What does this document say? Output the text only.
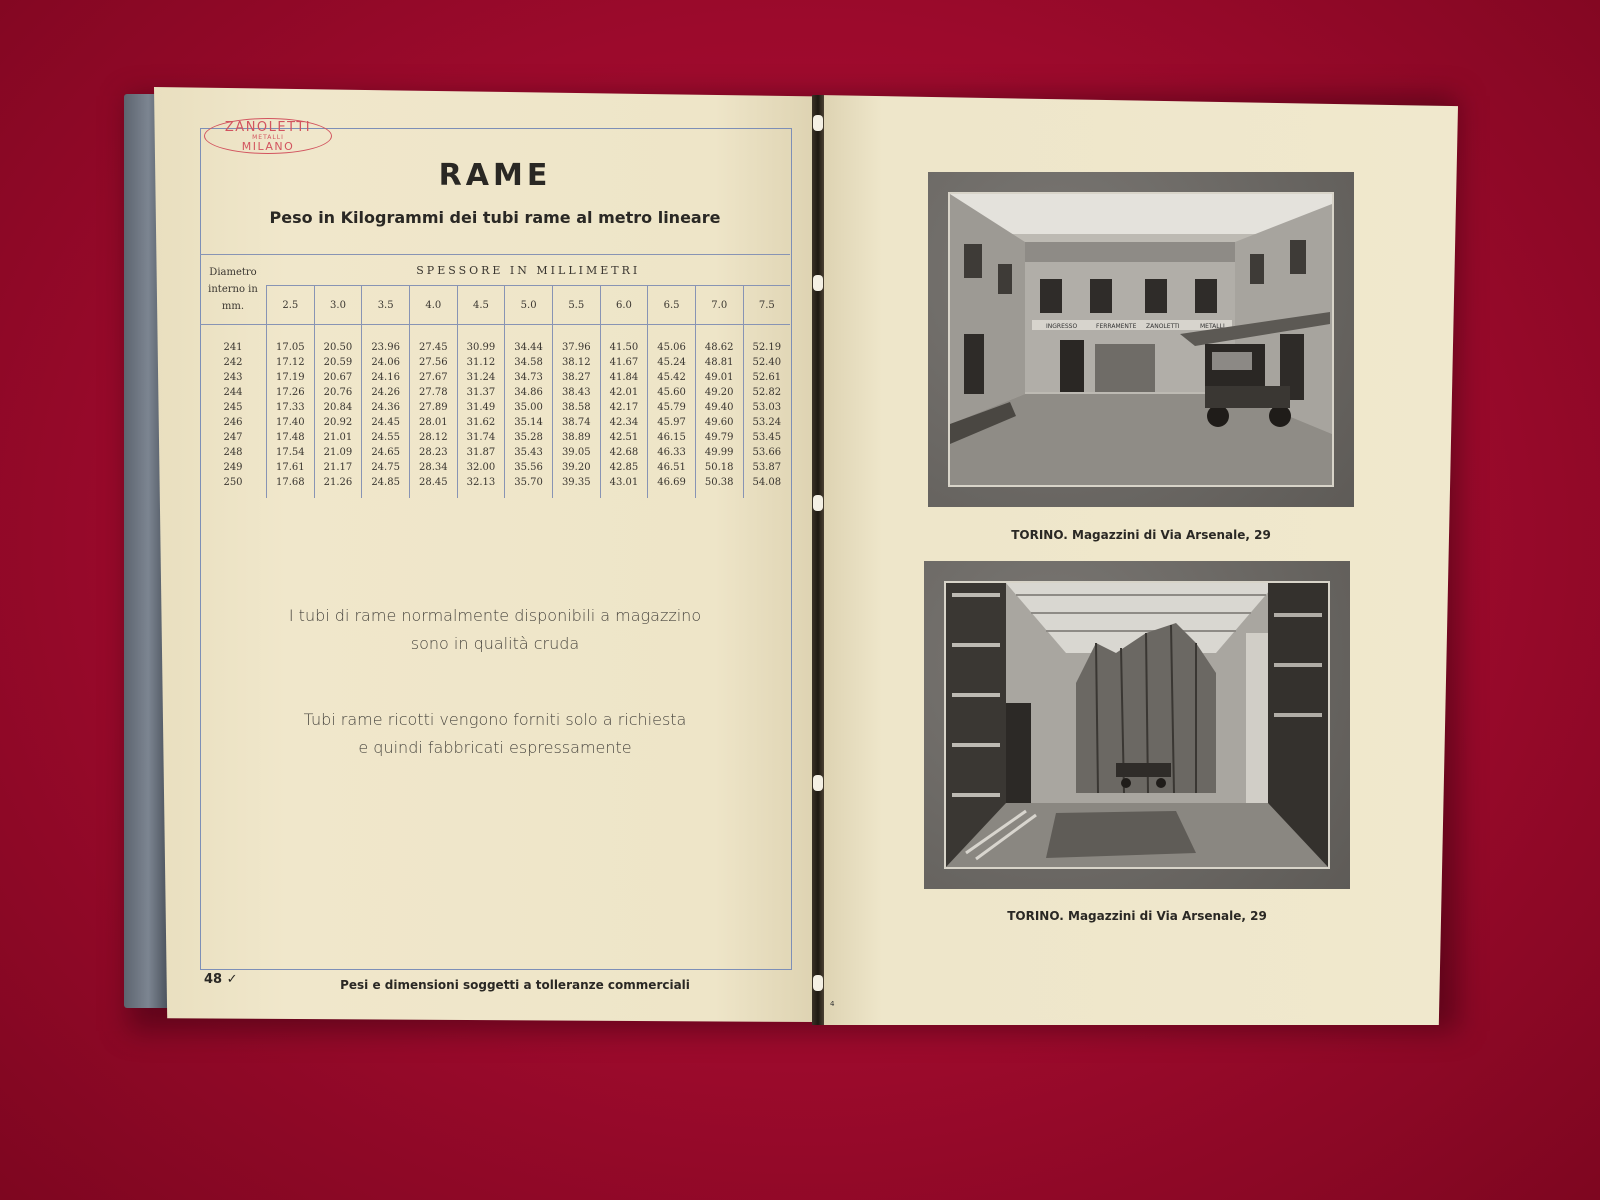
ZANOLETTI
METALLI
MILANO
RAME
Peso in Kilogrammi dei tubi rame al metro lineare
Diametro
interno in
mm.	SPESSORE IN MILLIMETRI										
	2.5	3.0	3.5	4.0	4.5	5.0	5.5	6.0	6.5	7.0	7.5

241	17.05	20.50	23.96	27.45	30.99	34.44	37.96	41.50	45.06	48.62	52.19
242	17.12	20.59	24.06	27.56	31.12	34.58	38.12	41.67	45.24	48.81	52.40
243	17.19	20.67	24.16	27.67	31.24	34.73	38.27	41.84	45.42	49.01	52.61
244	17.26	20.76	24.26	27.78	31.37	34.86	38.43	42.01	45.60	49.20	52.82
245	17.33	20.84	24.36	27.89	31.49	35.00	38.58	42.17	45.79	49.40	53.03
246	17.40	20.92	24.45	28.01	31.62	35.14	38.74	42.34	45.97	49.60	53.24
247	17.48	21.01	24.55	28.12	31.74	35.28	38.89	42.51	46.15	49.79	53.45
248	17.54	21.09	24.65	28.23	31.87	35.43	39.05	42.68	46.33	49.99	53.66
249	17.61	21.17	24.75	28.34	32.00	35.56	39.20	42.85	46.51	50.18	53.87
250	17.68	21.26	24.85	28.45	32.13	35.70	39.35	43.01	46.69	50.38	54.08
I tubi di rame normalmente disponibili a magazzino
sono in qualità cruda
Tubi rame ricotti vengono forniti solo a richiesta
e quindi fabbricati espressamente
48 ✓	Pesi e dimensioni soggetti a tolleranze commerciali
INGRESSO	FERRAMENTE ZANOLETTI	METALLI
TORINO. Magazzini di Via Arsenale, 29
TORINO. Magazzini di Via Arsenale, 29
4
